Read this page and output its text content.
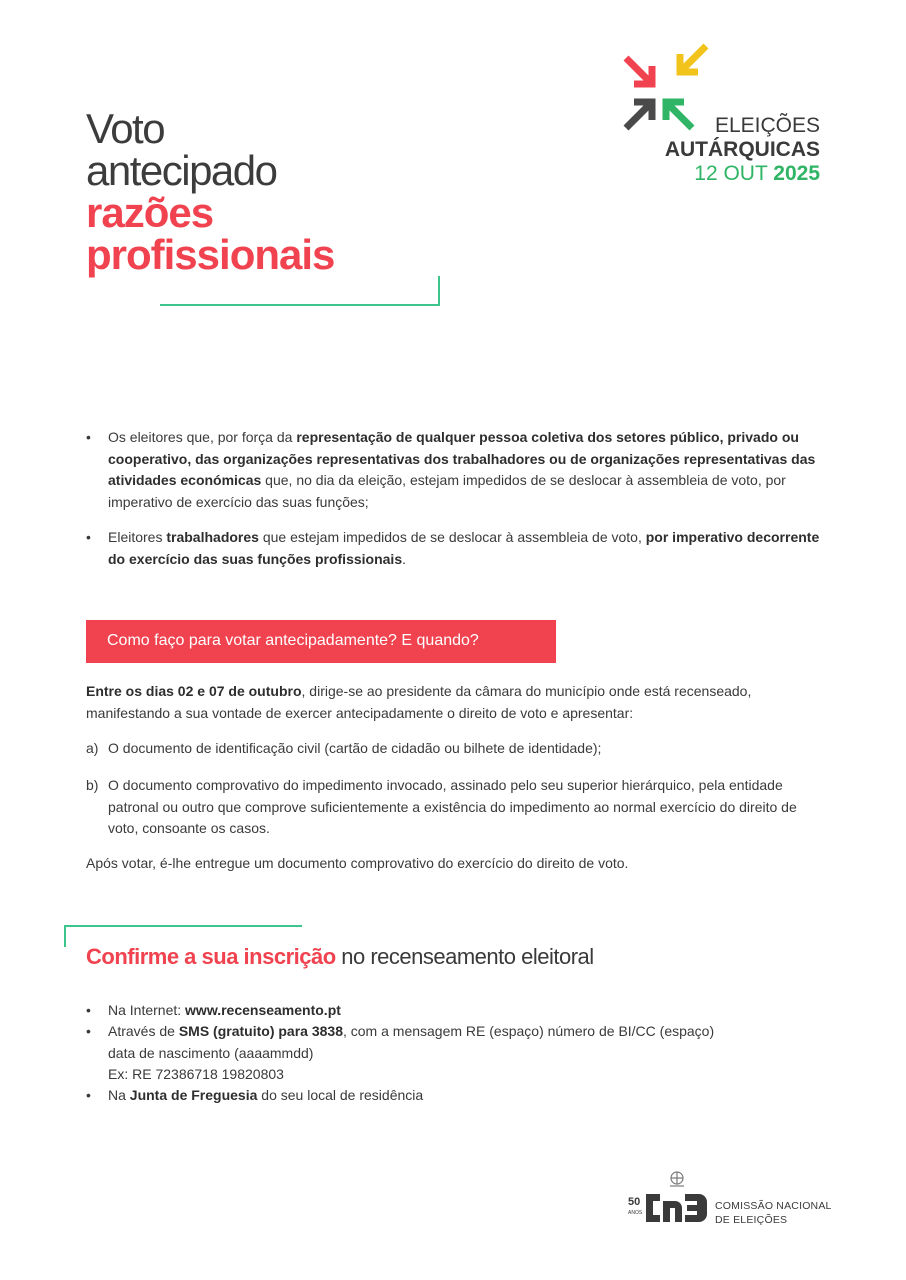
Voto
antecipado
razões
profissionais
ELEIÇÕES
AUTÁRQUICAS
12 OUT 2025
• Os eleitores que, por força da representação de qualquer pessoa coletiva dos setores público, privado ou cooperativo, das organizações representativas dos trabalhadores ou de organizações representativas das atividades económicas que, no dia da eleição, estejam impedidos de se deslocar à assembleia de voto, por imperativo de exercício das suas funções;
• Eleitores trabalhadores que estejam impedidos de se deslocar à assembleia de voto, por imperativo decorrente do exercício das suas funções profissionais.
Como faço para votar antecipadamente? E quando?
Entre os dias 02 e 07 de outubro, dirige-se ao presidente da câmara do município onde está recenseado, manifestando a sua vontade de exercer antecipadamente o direito de voto e apresentar:
a) O documento de identificação civil (cartão de cidadão ou bilhete de identidade);
b) O documento comprovativo do impedimento invocado, assinado pelo seu superior hierárquico, pela entidade patronal ou outro que comprove suficientemente a existência do impedimento ao normal exercício do direito de voto, consoante os casos.
Após votar, é-lhe entregue um documento comprovativo do exercício do direito de voto.
Confirme a sua inscrição no recenseamento eleitoral
• Na Internet: www.recenseamento.pt
• Através de SMS (gratuito) para 3838, com a mensagem RE (espaço) número de BI/CC (espaço)
data de nascimento (aaaammdd)
Ex: RE 72386718 19820803
• Na Junta de Freguesia do seu local de residência
50
ANOS
COMISSÃO NACIONAL
DE ELEIÇÕES
